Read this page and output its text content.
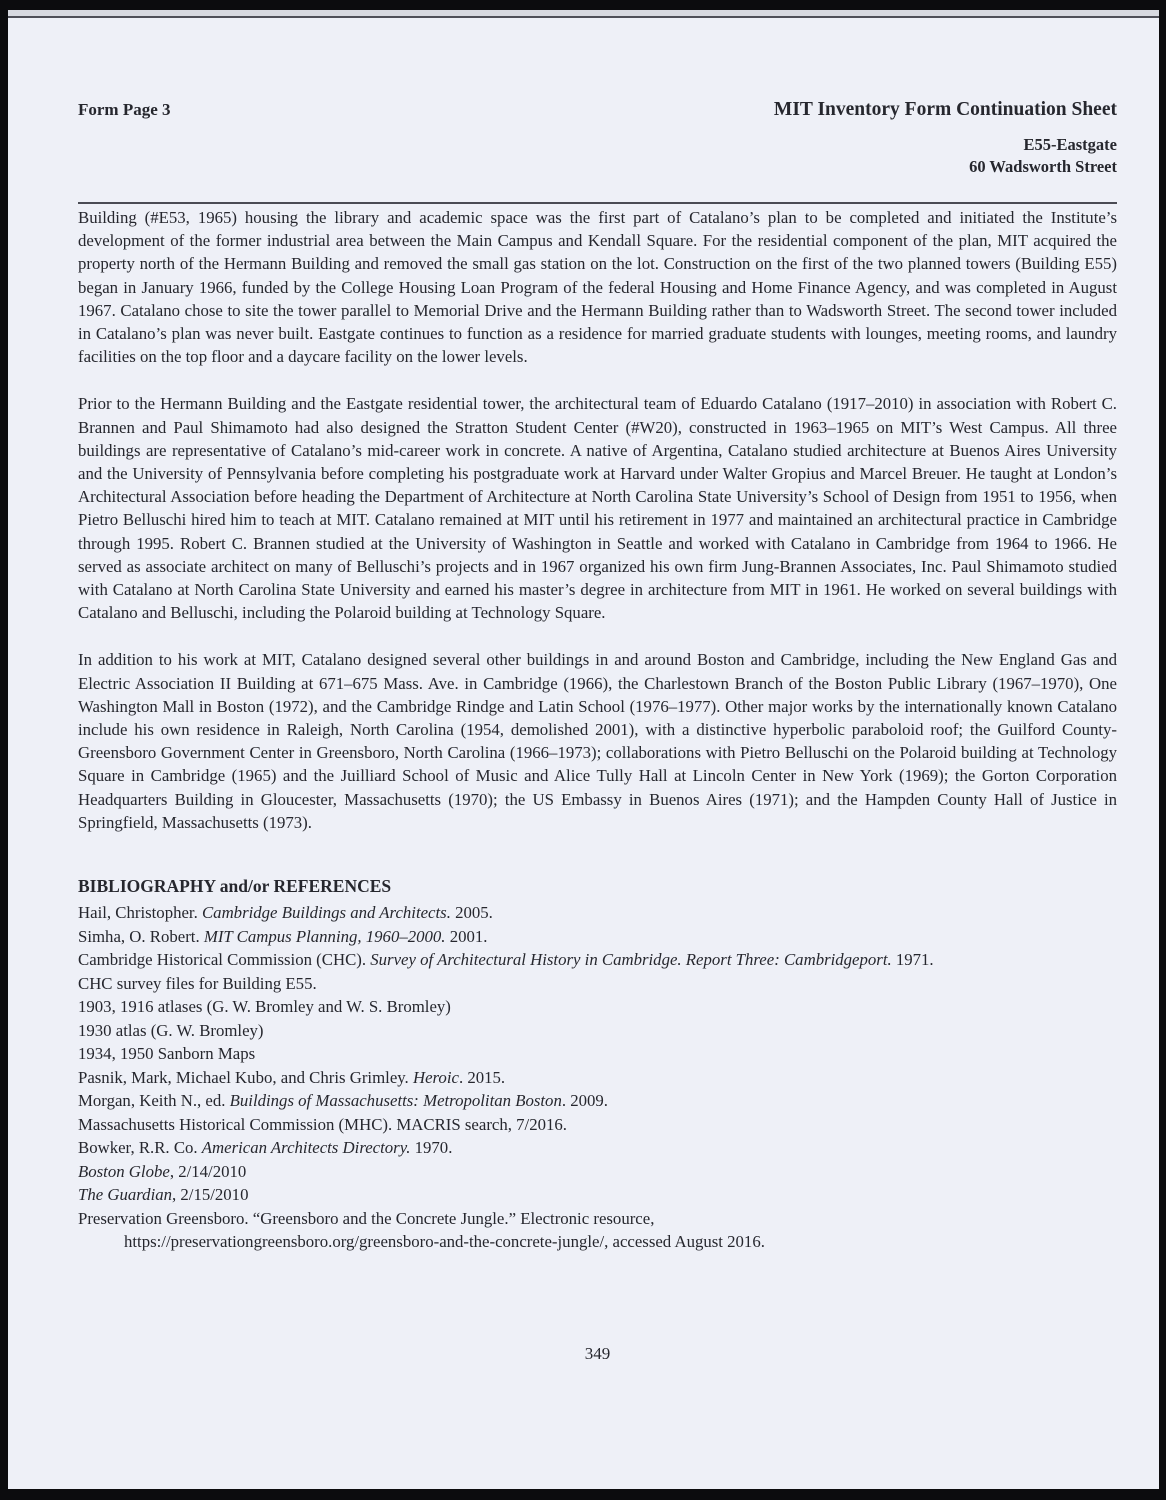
Form Page 3	MIT Inventory Form Continuation Sheet
E55-Eastgate
60 Wadsworth Street

Building (#E53, 1965) housing the library and academic space was the first part of Catalano’s plan to be completed and initiated the Institute’s development of the former industrial area between the Main Campus and Kendall Square. For the residential component of the plan, MIT acquired the property north of the Hermann Building and removed the small gas station on the lot. Construction on the first of the two planned towers (Building E55) began in January 1966, funded by the College Housing Loan Program of the federal Housing and Home Finance Agency, and was completed in August 1967. Catalano chose to site the tower parallel to Memorial Drive and the Hermann Building rather than to Wadsworth Street. The second tower included in Catalano’s plan was never built. Eastgate continues to function as a residence for married graduate students with lounges, meeting rooms, and laundry facilities on the top floor and a daycare facility on the lower levels.

Prior to the Hermann Building and the Eastgate residential tower, the architectural team of Eduardo Catalano (1917–2010) in association with Robert C. Brannen and Paul Shimamoto had also designed the Stratton Student Center (#W20), constructed in 1963–1965 on MIT’s West Campus. All three buildings are representative of Catalano’s mid-career work in concrete. A native of Argentina, Catalano studied architecture at Buenos Aires University and the University of Pennsylvania before completing his postgraduate work at Harvard under Walter Gropius and Marcel Breuer. He taught at London’s Architectural Association before heading the Department of Architecture at North Carolina State University’s School of Design from 1951 to 1956, when Pietro Belluschi hired him to teach at MIT. Catalano remained at MIT until his retirement in 1977 and maintained an architectural practice in Cambridge through 1995. Robert C. Brannen studied at the University of Washington in Seattle and worked with Catalano in Cambridge from 1964 to 1966. He served as associate architect on many of Belluschi’s projects and in 1967 organized his own firm Jung-Brannen Associates, Inc. Paul Shimamoto studied with Catalano at North Carolina State University and earned his master’s degree in architecture from MIT in 1961. He worked on several buildings with Catalano and Belluschi, including the Polaroid building at Technology Square.

In addition to his work at MIT, Catalano designed several other buildings in and around Boston and Cambridge, including the New England Gas and Electric Association II Building at 671–675 Mass. Ave. in Cambridge (1966), the Charlestown Branch of the Boston Public Library (1967–1970), One Washington Mall in Boston (1972), and the Cambridge Rindge and Latin School (1976–1977). Other major works by the internationally known Catalano include his own residence in Raleigh, North Carolina (1954, demolished 2001), with a distinctive hyperbolic paraboloid roof; the Guilford County-Greensboro Government Center in Greensboro, North Carolina (1966–1973); collaborations with Pietro Belluschi on the Polaroid building at Technology Square in Cambridge (1965) and the Juilliard School of Music and Alice Tully Hall at Lincoln Center in New York (1969); the Gorton Corporation Headquarters Building in Gloucester, Massachusetts (1970); the US Embassy in Buenos Aires (1971); and the Hampden County Hall of Justice in Springfield, Massachusetts (1973).

BIBLIOGRAPHY and/or REFERENCES
Hail, Christopher. Cambridge Buildings and Architects. 2005.
Simha, O. Robert. MIT Campus Planning, 1960–2000. 2001.
Cambridge Historical Commission (CHC). Survey of Architectural History in Cambridge. Report Three: Cambridgeport. 1971.
CHC survey files for Building E55.
1903, 1916 atlases (G. W. Bromley and W. S. Bromley)
1930 atlas (G. W. Bromley)
1934, 1950 Sanborn Maps
Pasnik, Mark, Michael Kubo, and Chris Grimley. Heroic. 2015.
Morgan, Keith N., ed. Buildings of Massachusetts: Metropolitan Boston. 2009.
Massachusetts Historical Commission (MHC). MACRIS search, 7/2016.
Bowker, R.R. Co. American Architects Directory. 1970.
Boston Globe, 2/14/2010
The Guardian, 2/15/2010
Preservation Greensboro. “Greensboro and the Concrete Jungle.” Electronic resource,
https://preservationgreensboro.org/greensboro-and-the-concrete-jungle/, accessed August 2016.
349
